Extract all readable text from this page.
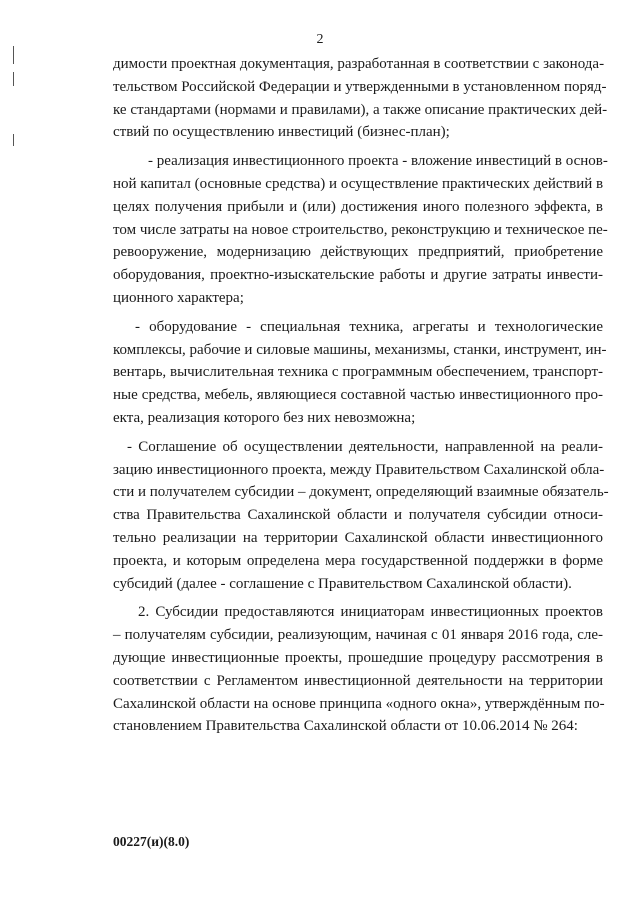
2
димости проектная документация, разработанная в соответствии с законода-
тельством Российской Федерации и утвержденными в установленном поряд-
ке стандартами (нормами и правилами), а также описание практических дей-
ствий по осуществлению инвестиций (бизнес-план);
- реализация инвестиционного проекта - вложение инвестиций в основ-
ной капитал (основные средства) и осуществление практических действий в
целях получения прибыли и (или) достижения иного полезного эффекта, в
том числе затраты на новое строительство, реконструкцию и техническое пе-
ревооружение, модернизацию действующих предприятий, приобретение
оборудования, проектно-изыскательские работы и другие затраты инвести-
ционного характера;
- оборудование - специальная техника, агрегаты и технологические
комплексы, рабочие и силовые машины, механизмы, станки, инструмент, ин-
вентарь, вычислительная техника с программным обеспечением, транспорт-
ные средства, мебель, являющиеся составной частью инвестиционного про-
екта, реализация которого без них невозможна;
- Соглашение об осуществлении деятельности, направленной на реали-
зацию инвестиционного проекта, между Правительством Сахалинской обла-
сти и получателем субсидии – документ, определяющий взаимные обязатель-
ства Правительства Сахалинской области и получателя субсидии относи-
тельно реализации на территории Сахалинской области инвестиционного
проекта, и которым определена мера государственной поддержки в форме
субсидий (далее - соглашение с Правительством Сахалинской области).
2. Субсидии предоставляются инициаторам инвестиционных проектов
– получателям субсидии, реализующим, начиная с 01 января 2016 года, сле-
дующие инвестиционные проекты, прошедшие процедуру рассмотрения в
соответствии с Регламентом инвестиционной деятельности на территории
Сахалинской области на основе принципа «одного окна», утверждённым по-
становлением Правительства Сахалинской области от 10.06.2014 № 264:
00227(и)(8.0)
